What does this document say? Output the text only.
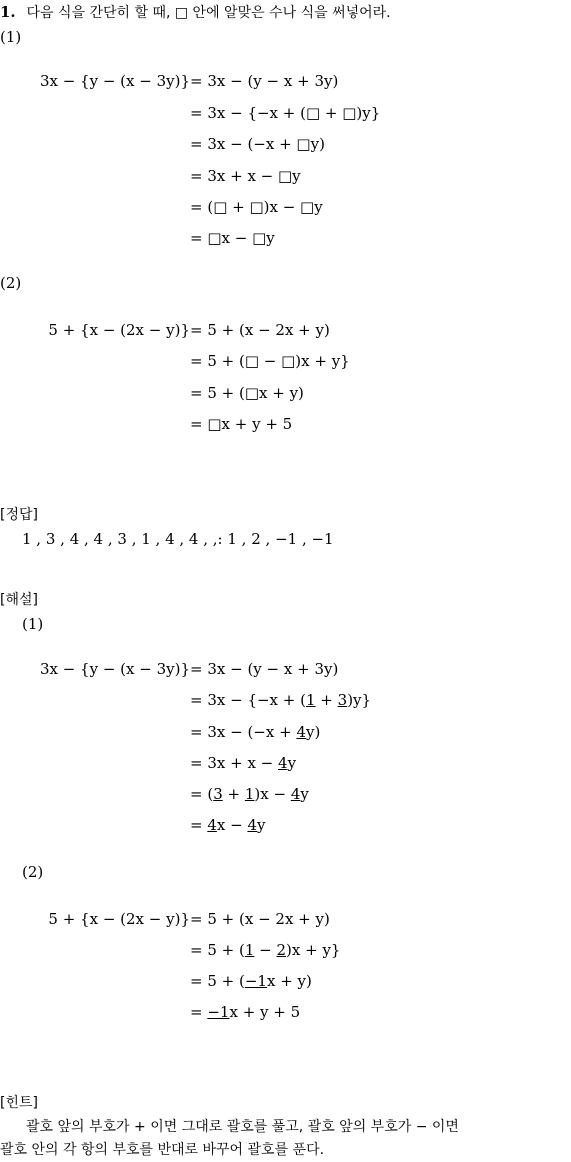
1. 다음 식을 간단히 할 때, □ 안에 알맞은 수나 식을 써넣어라.
(1)
3x − {y − (x − 3y)} = 3x − (y − x + 3y)
= 3x − {−x + (□ + □)y}
= 3x − (−x + □y)
= 3x + x − □y
= (□ + □)x − □y
= □x − □y
(2)
5 + {x − (2x − y)} = 5 + (x − 2x + y)
= 5 + (□ − □)x + y}
= 5 + (□x + y)
= □x + y + 5
[정답]
1 , 3 , 4 , 4 , 3 , 1 , 4 , 4 , ,: 1 , 2 , −1 , −1
[해설]
(1)
3x − {y − (x − 3y)} = 3x − (y − x + 3y)
= 3x − {−x + (1 + 3)y}
= 3x − (−x + 4y)
= 3x + x − 4y
= (3 + 1)x − 4y
= 4x − 4y
(2)
5 + {x − (2x − y)} = 5 + (x − 2x + y)
= 5 + (1 − 2)x + y}
= 5 + (−1x + y)
= −1x + y + 5
[힌트]
괄호 앞의 부호가 + 이면 그대로 괄호를 풀고, 괄호 앞의 부호가 − 이면
괄호 안의 각 항의 부호를 반대로 바꾸어 괄호를 푼다.
